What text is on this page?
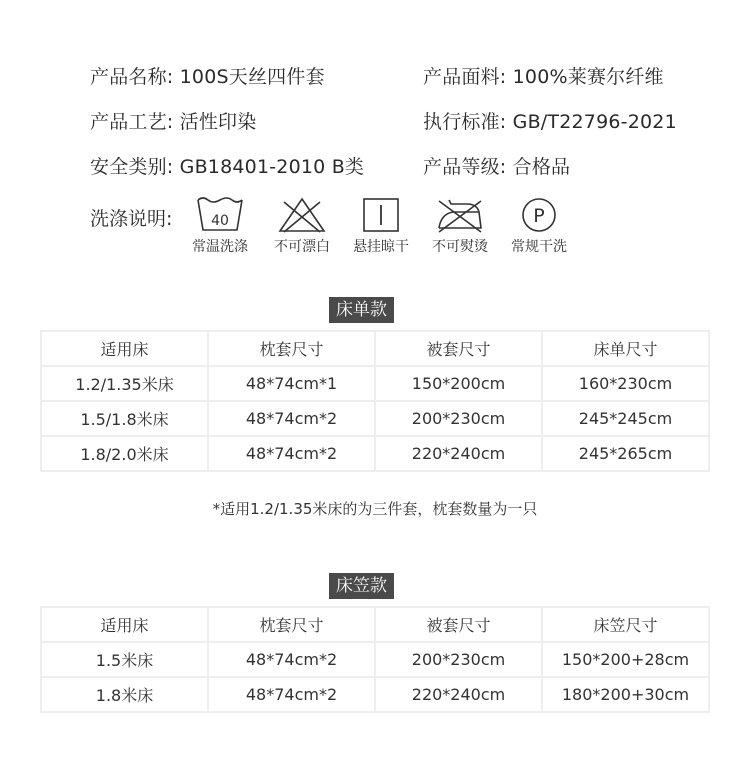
产品名称: 100S天丝四件套	产品面料: 100%莱赛尔纤维
产品工艺: 活性印染	执行标准: GB/T22796-2021
安全类别: GB18401-2010 B类	产品等级: 合格品
洗涤说明:	40
常温洗涤	不可漂白	悬挂晾干	不可熨烫
P
常规干洗
床单款
适用床	枕套尺寸	被套尺寸	床单尺寸
1.2/1.35米床	48*74cm*1	150*200cm	160*230cm
1.5/1.8米床	48*74cm*2	200*230cm	245*245cm
1.8/2.0米床	48*74cm*2	220*240cm	245*265cm
*适用1.2/1.35米床的为三件套，枕套数量为一只
床笠款
适用床	枕套尺寸	被套尺寸	床笠尺寸
1.5米床	48*74cm*2	200*230cm	150*200+28cm
1.8米床	48*74cm*2	220*240cm	180*200+30cm
